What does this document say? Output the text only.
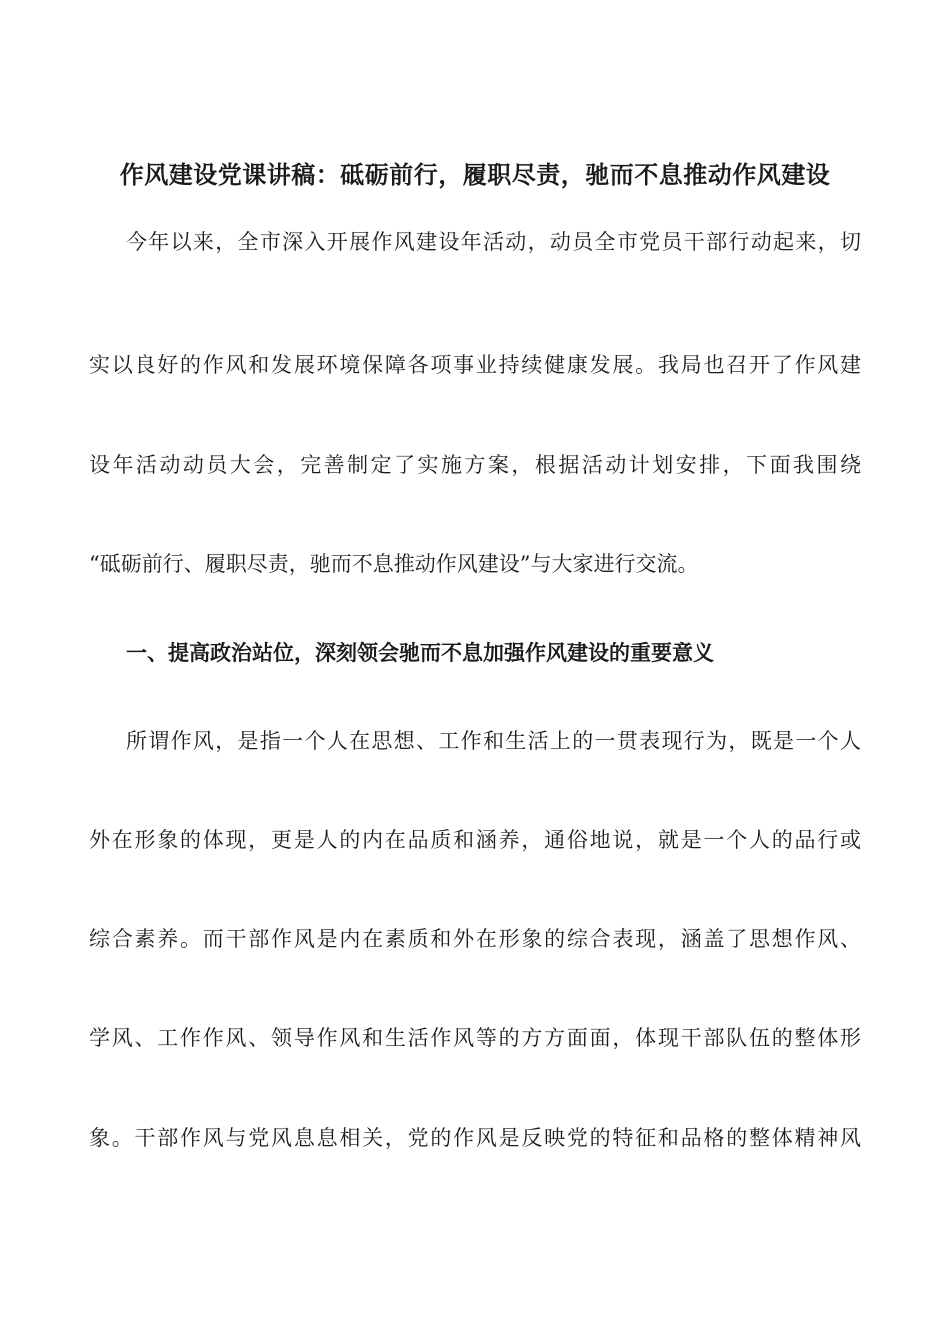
作风建设党课讲稿：砥砺前行，履职尽责，驰而不息推动作风建设
今年以来，全市深入开展作风建设年活动，动员全市党员干部行动起来，切
实以良好的作风和发展环境保障各项事业持续健康发展。我局也召开了作风建
设年活动动员大会，完善制定了实施方案，根据活动计划安排，下面我围绕
“砥砺前行、履职尽责，驰而不息推动作风建设”与大家进行交流。
一、提高政治站位，深刻领会驰而不息加强作风建设的重要意义
所谓作风，是指一个人在思想、工作和生活上的一贯表现行为，既是一个人
外在形象的体现，更是人的内在品质和涵养，通俗地说，就是一个人的品行或
综合素养。而干部作风是内在素质和外在形象的综合表现，涵盖了思想作风、
学风、工作作风、领导作风和生活作风等的方方面面，体现干部队伍的整体形
象。干部作风与党风息息相关，党的作风是反映党的特征和品格的整体精神风
